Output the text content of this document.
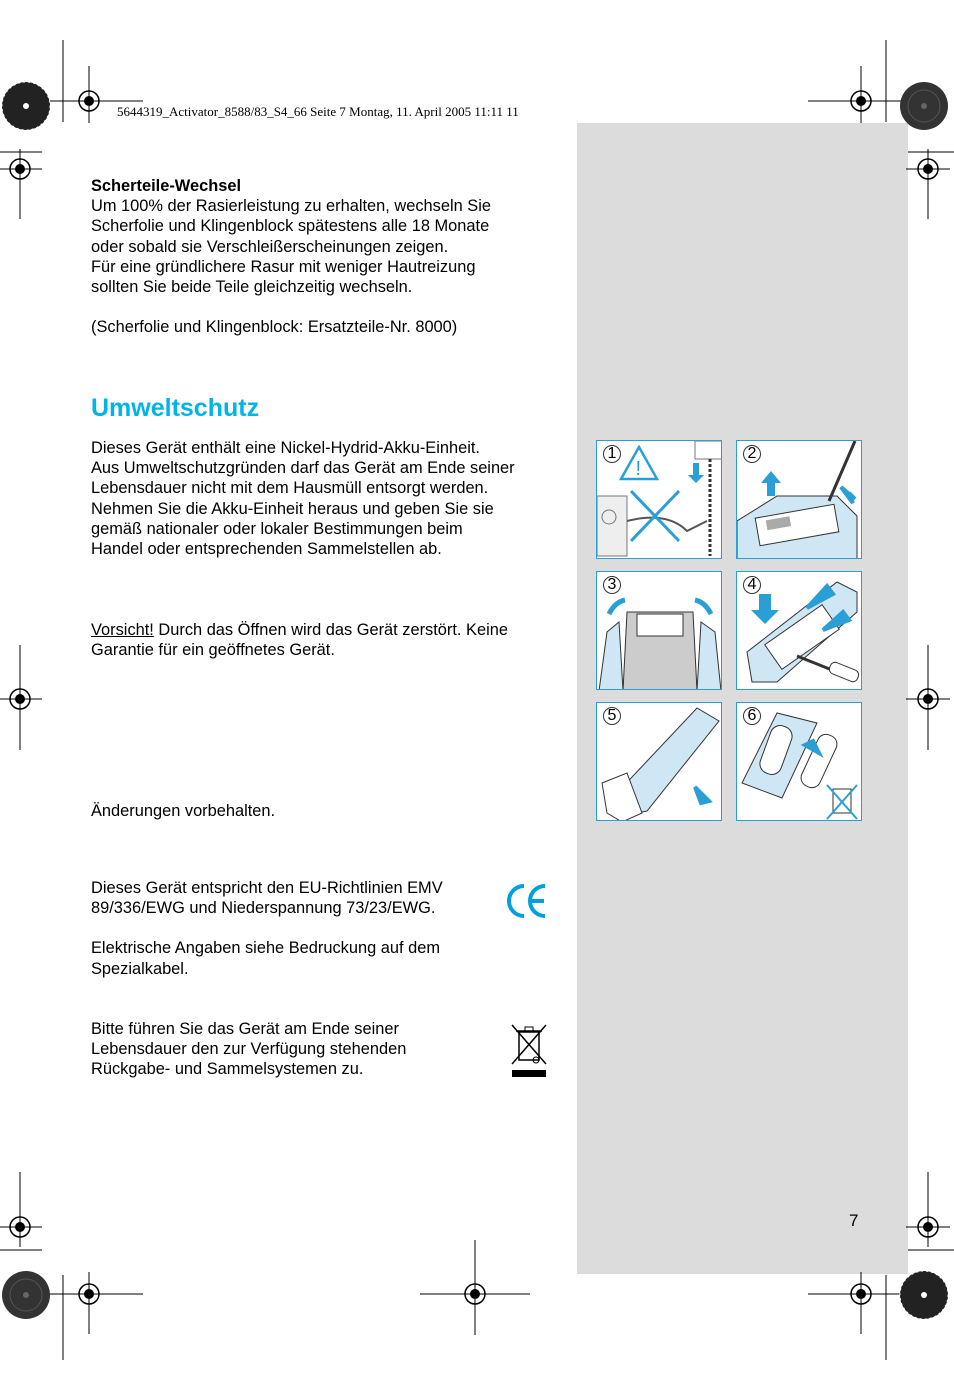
5644319_Activator_8588/83_S4_66 Seite 7 Montag, 11. April 2005 11:11 11

Scherteile-Wechsel

Um 100% der Rasierleistung zu erhalten, wechseln Sie

Scherfolie und Klingenblock spätestens alle 18 Monate

oder sobald sie Verschleißerscheinungen zeigen.

Für eine gründlichere Rasur mit weniger Hautreizung

sollten Sie beide Teile gleichzeitig wechseln.

(Scherfolie und Klingenblock: Ersatzteile-Nr. 8000)

Umweltschutz

Dieses Gerät enthält eine Nickel-Hydrid-Akku-Einheit.

Aus Umweltschutzgründen darf das Gerät am Ende seiner

Lebensdauer nicht mit dem Hausmüll entsorgt werden.

Nehmen Sie die Akku-Einheit heraus und geben Sie sie

gemäß nationaler oder lokaler Bestimmungen beim

Handel oder entsprechenden Sammelstellen ab.

Vorsicht! Durch das Öffnen wird das Gerät zerstört. Keine

Garantie für ein geöffnetes Gerät.

Änderungen vorbehalten.

Dieses Gerät entspricht den EU-Richtlinien EMV

89/336/EWG und Niederspannung 73/23/EWG.

Elektrische Angaben siehe Bedruckung auf dem

Spezialkabel.

Bitte führen Sie das Gerät am Ende seiner

Lebensdauer den zur Verfügung stehenden

Rückgabe- und Sammelsystemen zu.

1
!
2
3	4
5	6
7
